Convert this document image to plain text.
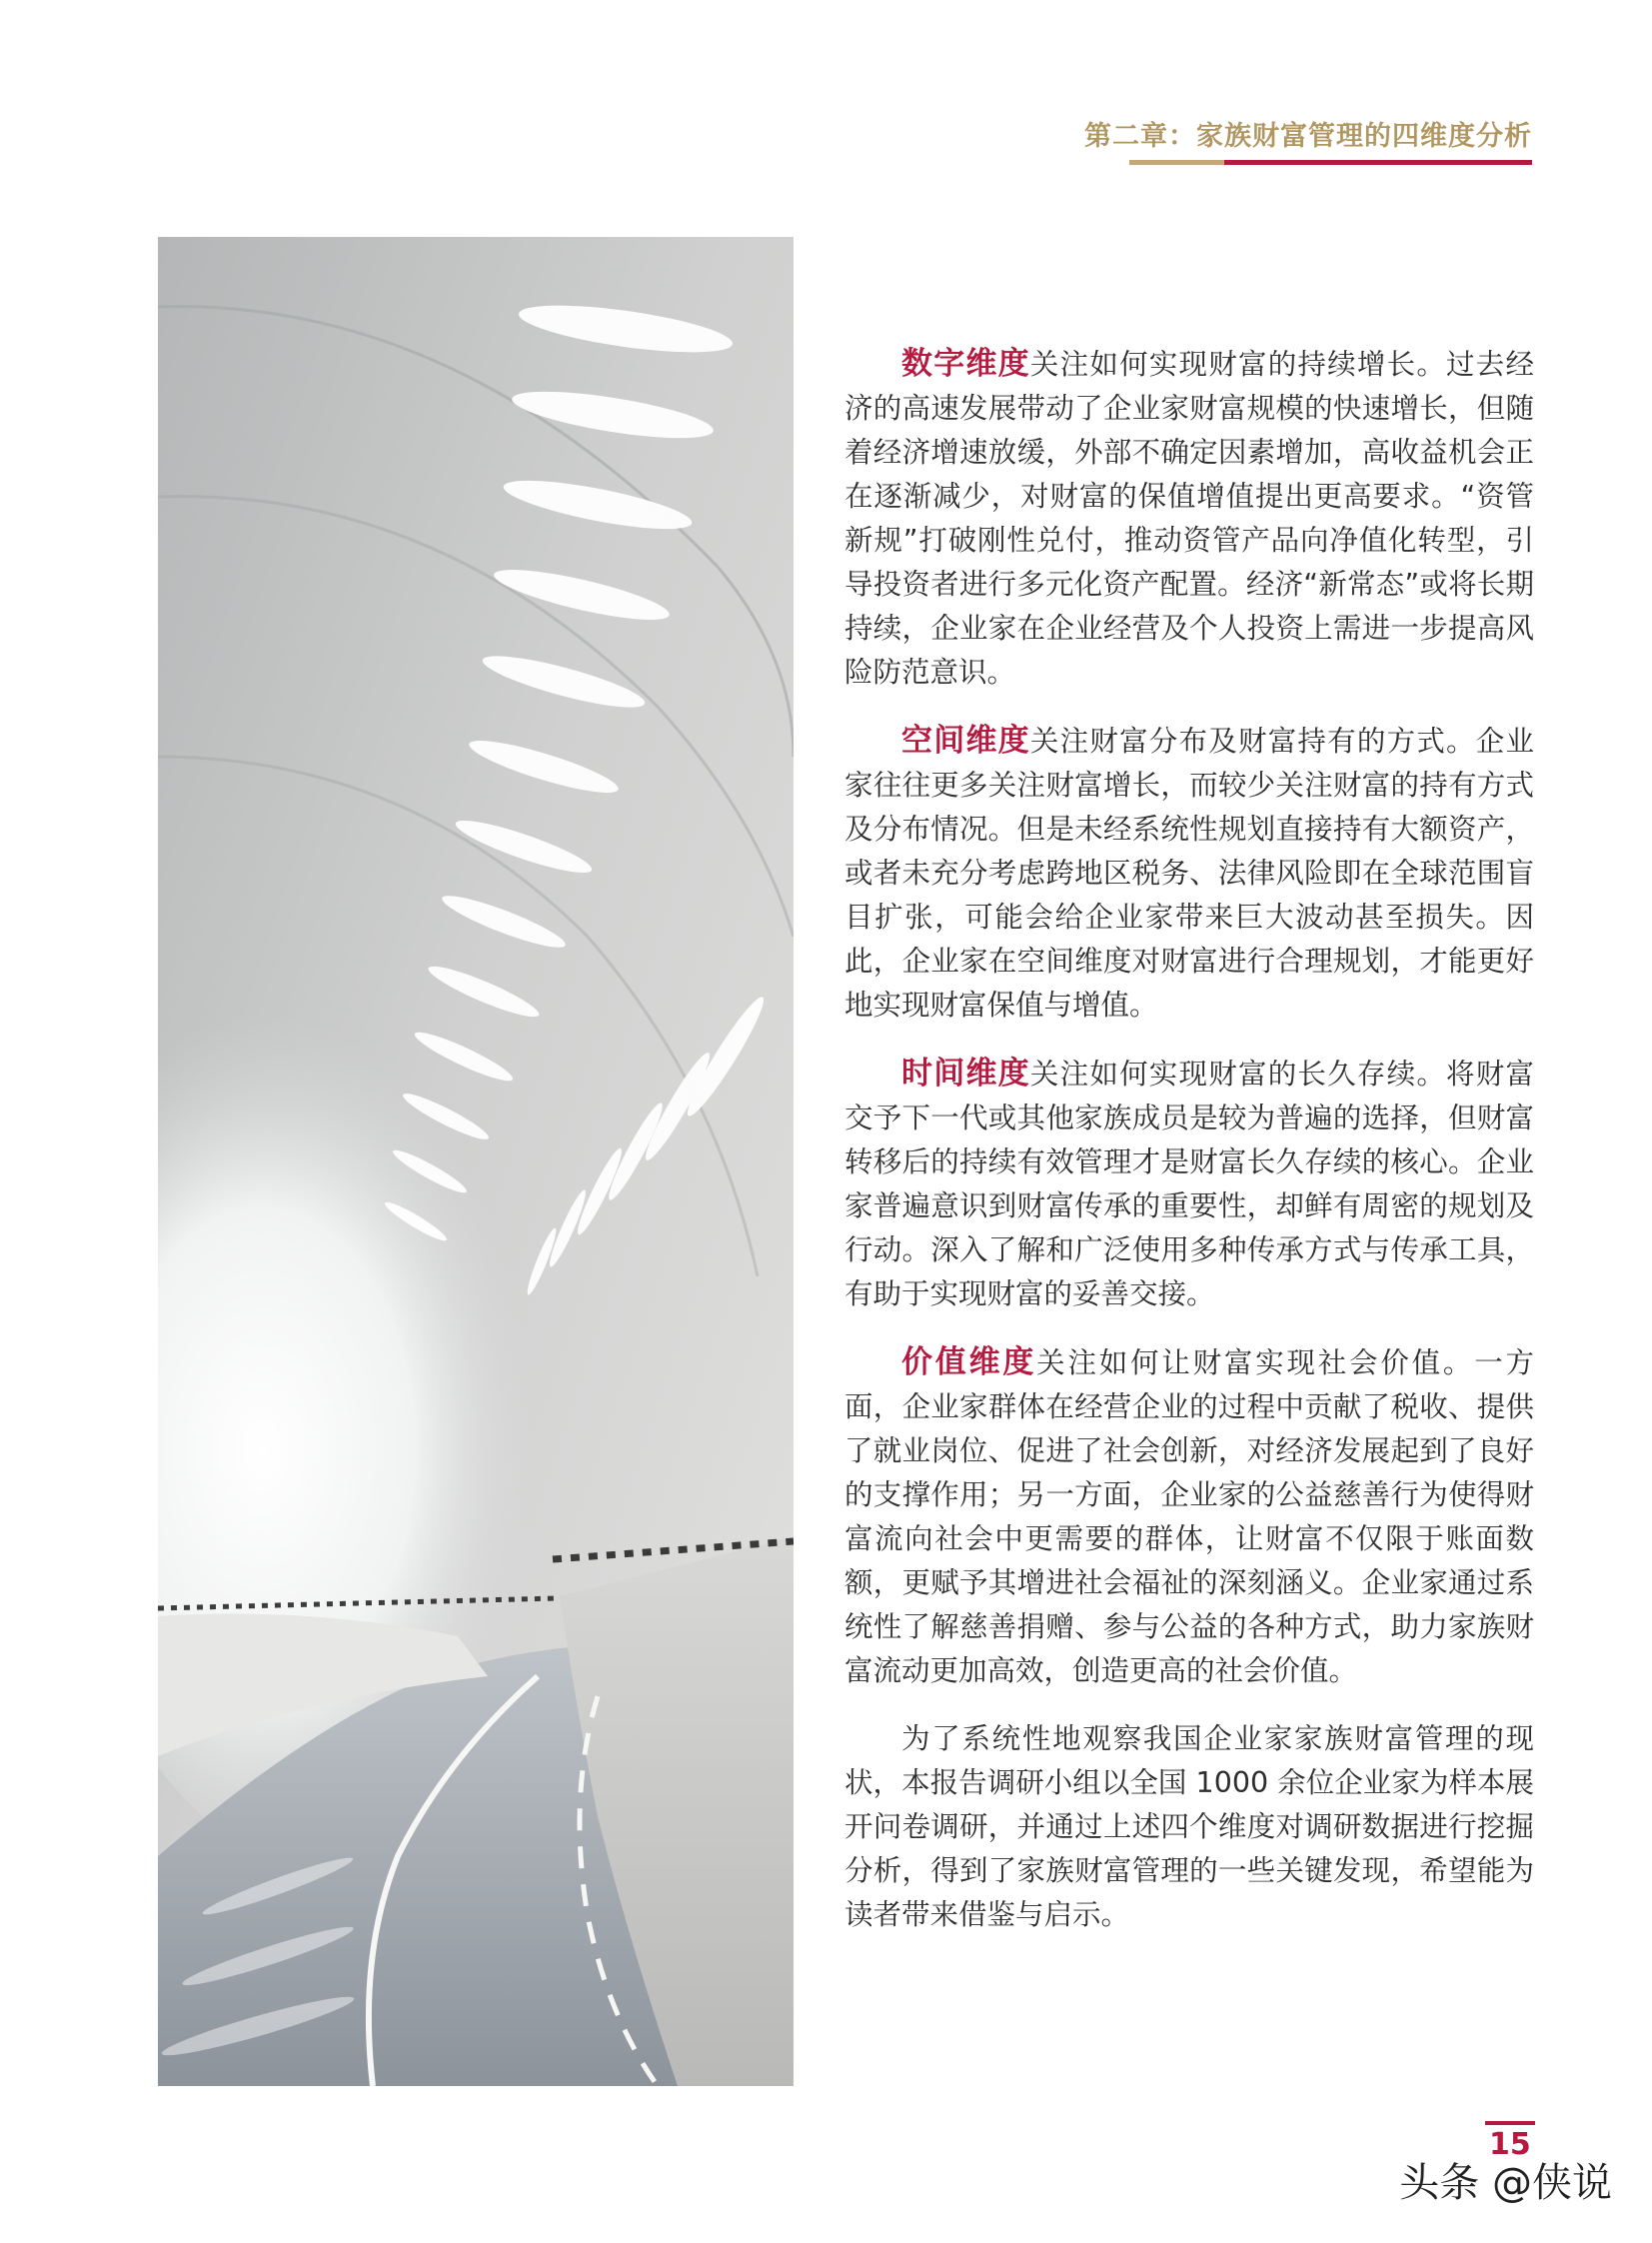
第二章：家族财富管理的四维度分析

数字维度关注如何实现财富的持续增长。过去经济的高速发展带动了企业家财富规模的快速增长，但随着经济增速放缓，外部不确定因素增加，高收益机会正在逐渐减少，对财富的保值增值提出更高要求。“资管新规”打破刚性兑付，推动资管产品向净值化转型，引导投资者进行多元化资产配置。经济“新常态”或将长期持续，企业家在企业经营及个人投资上需进一步提高风险防范意识。

空间维度关注财富分布及财富持有的方式。企业家往往更多关注财富增长，而较少关注财富的持有方式及分布情况。但是未经系统性规划直接持有大额资产，或者未充分考虑跨地区税务、法律风险即在全球范围盲目扩张，可能会给企业家带来巨大波动甚至损失。因此，企业家在空间维度对财富进行合理规划，才能更好地实现财富保值与增值。

时间维度关注如何实现财富的长久存续。将财富交予下一代或其他家族成员是较为普遍的选择，但财富转移后的持续有效管理才是财富长久存续的核心。企业家普遍意识到财富传承的重要性，却鲜有周密的规划及行动。深入了解和广泛使用多种传承方式与传承工具，有助于实现财富的妥善交接。

价值维度关注如何让财富实现社会价值。一方面，企业家群体在经营企业的过程中贡献了税收、提供了就业岗位、促进了社会创新，对经济发展起到了良好的支撑作用；另一方面，企业家的公益慈善行为使得财富流向社会中更需要的群体，让财富不仅限于账面数额，更赋予其增进社会福祉的深刻涵义。企业家通过系统性了解慈善捐赠、参与公益的各种方式，助力家族财富流动更加高效，创造更高的社会价值。

为了系统性地观察我国企业家家族财富管理的现状，本报告调研小组以全国 1000 余位企业家为样本展开问卷调研，并通过上述四个维度对调研数据进行挖掘分析，得到了家族财富管理的一些关键发现，希望能为读者带来借鉴与启示。

15
头条 @侠说
